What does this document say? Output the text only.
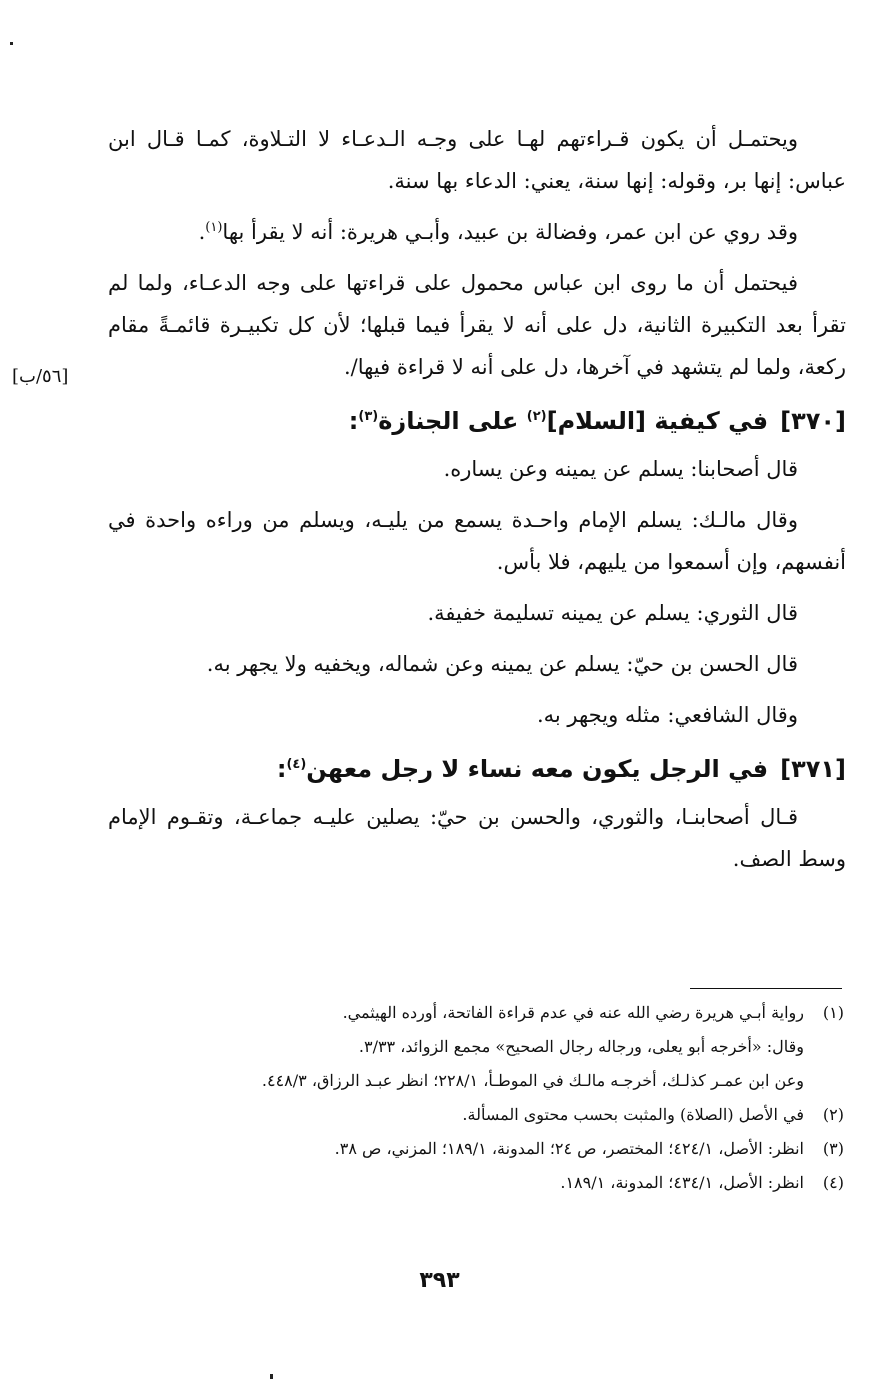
ويحتمـل أن يكون قـراءتهم لهـا على وجـه الـدعـاء لا التـلاوة، كمـا قـال ابن عباس: إنها بر، وقوله: إنها سنة، يعني: الدعاء بها سنة.

وقد روي عن ابن عمر، وفضالة بن عبيد، وأبـي هريرة: أنه لا يقرأ بها$^{(١)}$.

فيحتمل أن ما روى ابن عباس محمول على قراءتها على وجه الدعـاء، ولما لم تقرأ بعد التكبيرة الثانية، دل على أنه لا يقرأ فيما قبلها؛ لأن كل تكبيـرة قائمـةً مقام ركعة، ولما لم يتشهد في آخرها، دل على أنه لا قراءة فيها/.

[٣٧٠]في كيفية [السلام]$^{(٢)}$ على الجنازة$^{(٣)}$:

قال أصحابنا: يسلم عن يمينه وعن يساره.

وقال مالـك: يسلم الإمام واحـدة يسمع من يليـه، ويسلم من وراءه واحدة في أنفسهم، وإن أسمعوا من يليهم، فلا بأس.

قال الثوري: يسلم عن يمينه تسليمة خفيفة.

قال الحسن بن حيّ: يسلم عن يمينه وعن شماله، ويخفيه ولا يجهر به.

وقال الشافعي: مثله ويجهر به.

[٣٧١]في الرجل يكون معه نساء لا رجل معهن$^{(٤)}$:

قـال أصحابنـا، والثوري، والحسن بن حيّ: يصلين عليـه جماعـة، وتقـوم الإمام وسط الصف.

[٥٦/ب]

(١)رواية أبـي هريرة رضي الله عنه في عدم قراءة الفاتحة، أورده الهيثمي.

وقال: «أخرجه أبو يعلى، ورجاله رجال الصحيح» مجمع الزوائد، ٣/٣٣.

وعن ابن عمـر كذلـك، أخرجـه مالـك في الموطـأ، ٢٢٨/١؛ انظر عبـد الرزاق، ٤٤٨/٣.

(٢)في الأصل (الصلاة) والمثبت بحسب محتوى المسألة.

(٣)انظر: الأصل، ٤٢٤/١؛ المختصر، ص ٢٤؛ المدونة، ١٨٩/١؛ المزني، ص ٣٨.

(٤)انظر: الأصل، ٤٣٤/١؛ المدونة، ١٨٩/١.

٣٩٣
